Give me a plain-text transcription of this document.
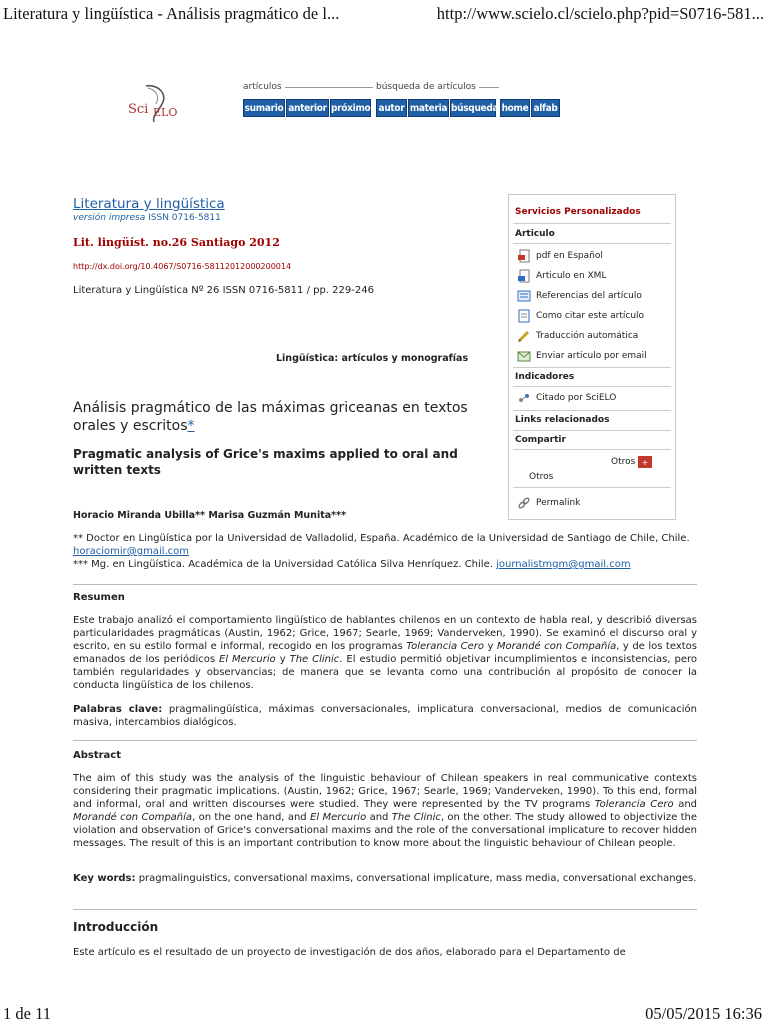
Literatura y lingüística - Análisis pragmático de l...	http://www.scielo.cl/scielo.php?pid=S0716-581...
Sci ELO
artículos	búsqueda de artículos
sumario anterior próximo autor materia búsqueda home alfab
Literatura y lingüística
versión impresa ISSN 0716-5811
Lit. lingüíst. no.26 Santiago 2012
http://dx.doi.org/10.4067/S0716-58112012000200014
Literatura y Lingüística Nº 26 ISSN 0716-5811 / pp. 229-246
Lingüística: artículos y monografías
Servicios Personalizados
Articulo
pdf en Español
Articulo en XML
Referencias del artículo
Como citar este artículo
Traducción automática
Enviar articulo por email
Indicadores
Citado por SciELO
Links relacionados
Compartir
Otros +
Otros
Permalink
Análisis pragmático de las máximas griceanas en textos orales y escritos*
Pragmatic analysis of Grice's maxims applied to oral and written texts
Horacio Miranda Ubilla** Marisa Guzmán Munita***
** Doctor en Lingüística por la Universidad de Valladolid, España. Académico de la Universidad de Santiago de Chile, Chile. horaciomir@gmail.com
*** Mg. en Lingüística. Académica de la Universidad Católica Silva Henríquez. Chile. journalistmgm@gmail.com
Resumen
Este trabajo analizó el comportamiento lingüístico de hablantes chilenos en un contexto de habla real, y describió diversas particularidades pragmáticas (Austin, 1962; Grice, 1967; Searle, 1969; Vanderveken, 1990). Se examinó el discurso oral y escrito, en su estilo formal e informal, recogido en los programas Tolerancia Cero y Morandé con Compañía, y de los textos emanados de los periódicos El Mercurio y The Clinic. El estudio permitió objetivar incumplimientos e inconsistencias, pero también regularidades y observancias; de manera que se levanta como una contribución al propósito de conocer la conducta lingüística de los chilenos.
Palabras clave: pragmalingüística, máximas conversacionales, implicatura conversacional, medios de comunicación masiva, intercambios dialógicos.
Abstract
The aim of this study was the analysis of the linguistic behaviour of Chilean speakers in real communicative contexts considering their pragmatic implications. (Austin, 1962; Grice, 1967; Searle, 1969; Vanderveken, 1990). To this end, formal and informal, oral and written discourses were studied. They were represented by the TV programs Tolerancia Cero and Morandé con Compañía, on the one hand, and El Mercurio and The Clinic, on the other. The study allowed to objectivize the violation and observation of Grice's conversational maxims and the role of the conversational implicature to recover hidden messages. The result of this is an important contribution to know more about the linguistic behaviour of Chilean people.
Key words: pragmalinguistics, conversational maxims, conversational implicature, mass media, conversational exchanges.
Introducción
Este artículo es el resultado de un proyecto de investigación de dos años, elaborado para el Departamento de
1 de 11	05/05/2015 16:36
